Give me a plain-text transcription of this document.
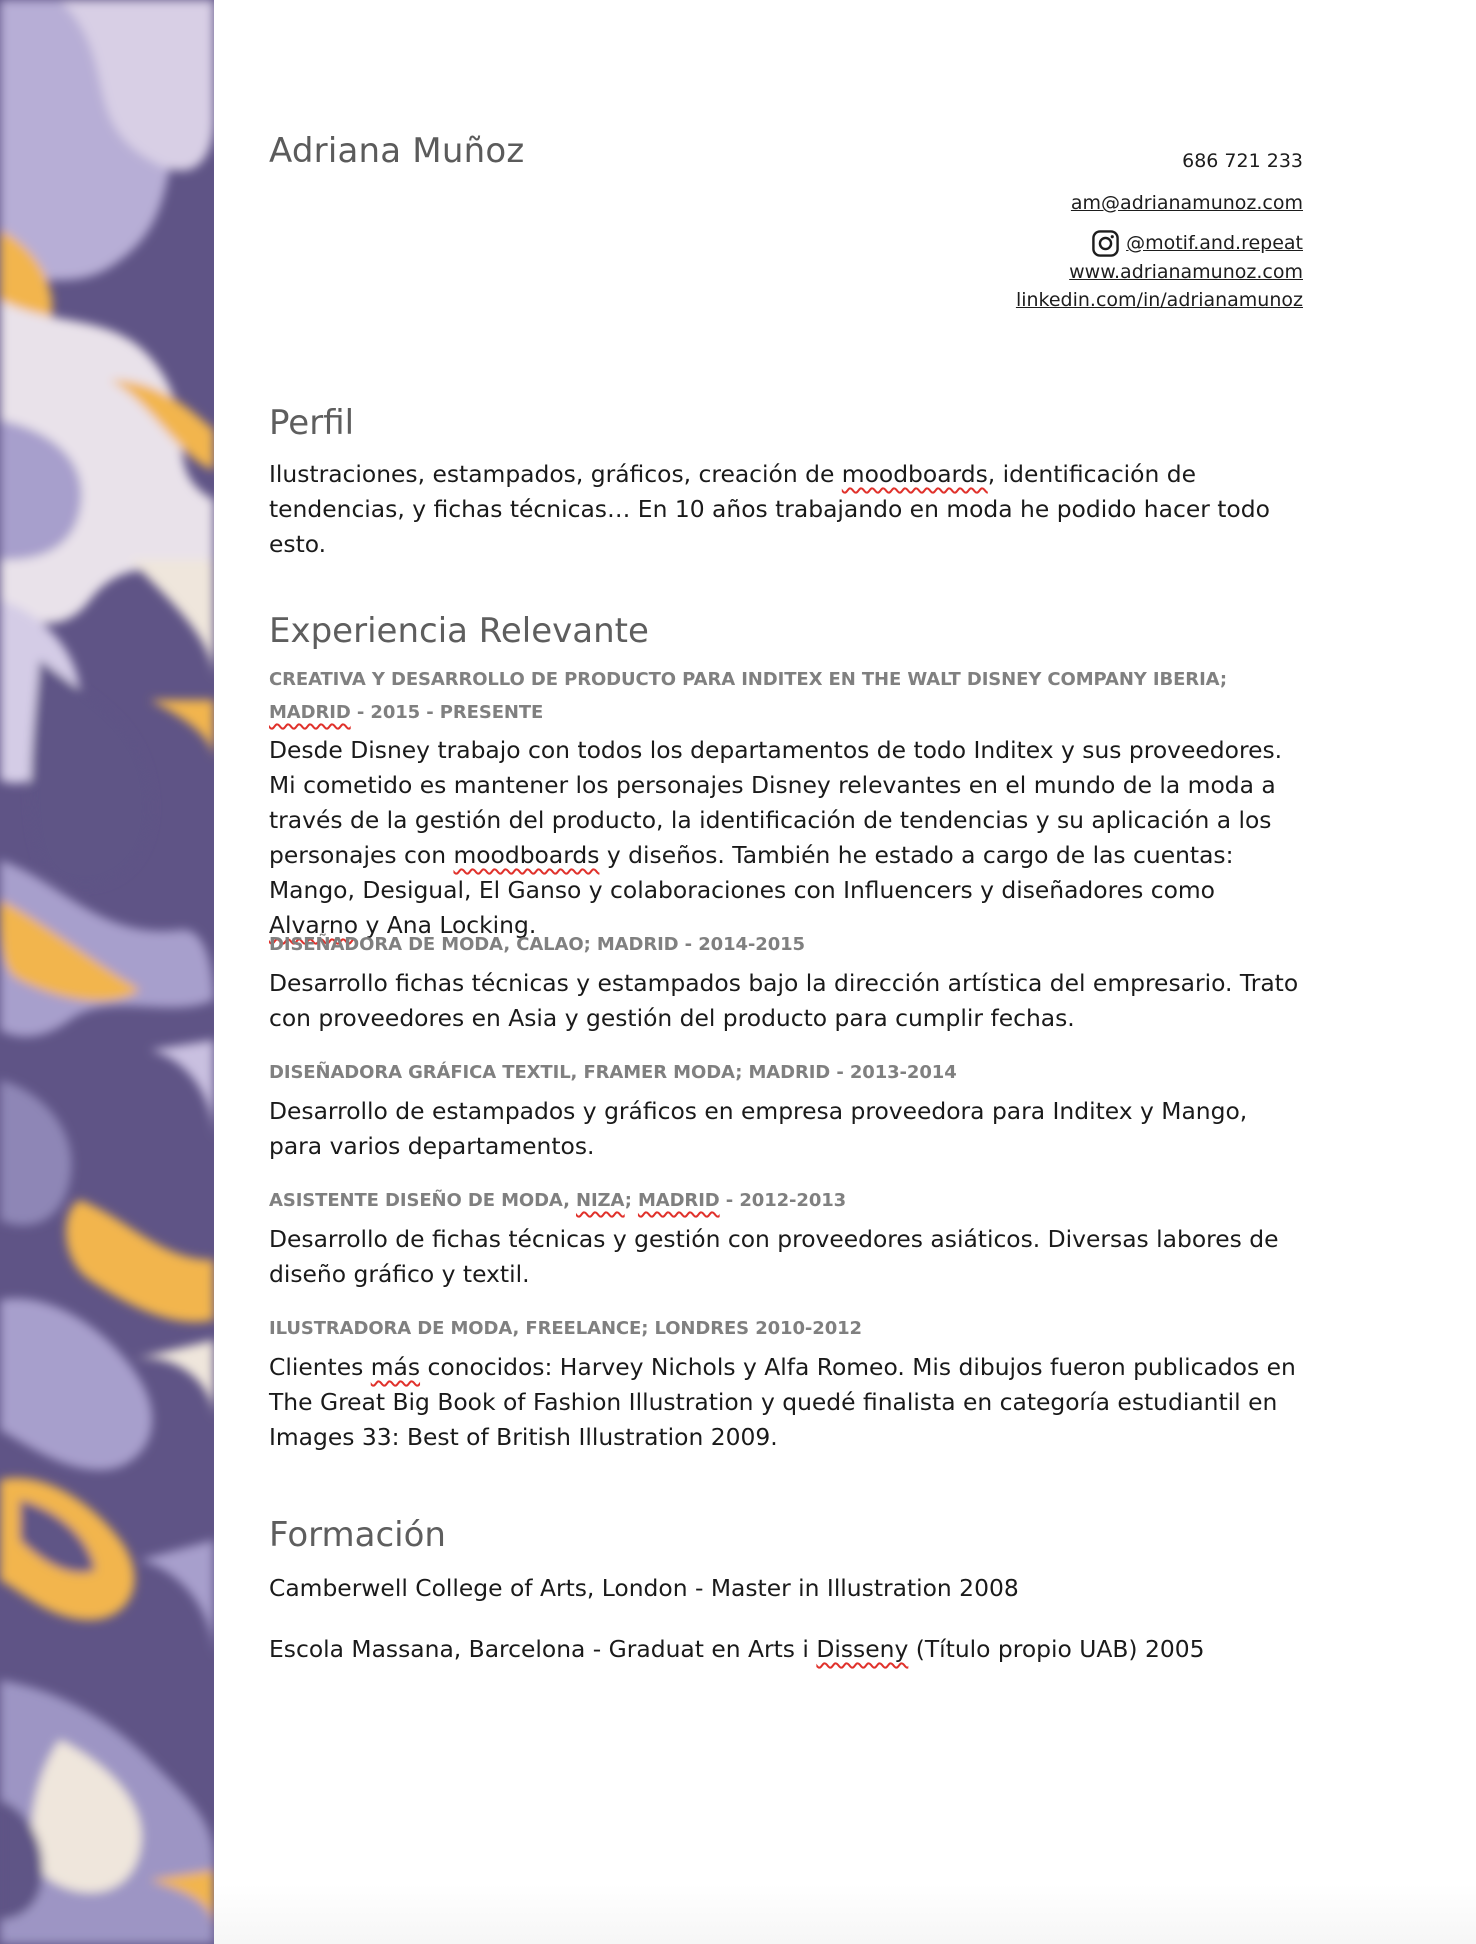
Adriana Muñoz	686 721 233
am@adrianamunoz.com
@motif.and.repeat
www.adrianamunoz.com
linkedin.com/in/adrianamunoz
Perfil

Ilustraciones, estampados, gráficos, creación de moodboards, identificación de tendencias, y fichas técnicas… En 10 años trabajando en moda he podido hacer todo esto.

Experiencia Relevante

CREATIVA Y DESARROLLO DE PRODUCTO PARA INDITEX EN THE WALT DISNEY COMPANY IBERIA; MADRID - 2015 - PRESENTE

Desde Disney trabajo con todos los departamentos de todo Inditex y sus proveedores. Mi cometido es mantener los personajes Disney relevantes en el mundo de la moda a través de la gestión del producto, la identificación de tendencias y su aplicación a los personajes con moodboards y diseños. También he estado a cargo de las cuentas: Mango, Desigual, El Ganso y colaboraciones con Influencers y diseñadores como Alvarno y Ana Locking.

DISEÑADORA DE MODA, CALAO; MADRID - 2014-2015

Desarrollo fichas técnicas y estampados bajo la dirección artística del empresario. Trato con proveedores en Asia y gestión del producto para cumplir fechas.

DISEÑADORA GRÁFICA TEXTIL, FRAMER MODA; MADRID - 2013-2014

Desarrollo de estampados y gráficos en empresa proveedora para Inditex y Mango, para varios departamentos.

ASISTENTE DISEÑO DE MODA, NIZA; MADRID - 2012-2013

Desarrollo de fichas técnicas y gestión con proveedores asiáticos. Diversas labores de diseño gráfico y textil.

ILUSTRADORA DE MODA, FREELANCE; LONDRES 2010-2012

Clientes más conocidos: Harvey Nichols y Alfa Romeo. Mis dibujos fueron publicados en The Great Big Book of Fashion Illustration y quedé finalista en categoría estudiantil en Images 33: Best of British Illustration 2009.

Formación

Camberwell College of Arts, London - Master in Illustration 2008

Escola Massana, Barcelona - Graduat en Arts i Disseny (Título propio UAB) 2005
